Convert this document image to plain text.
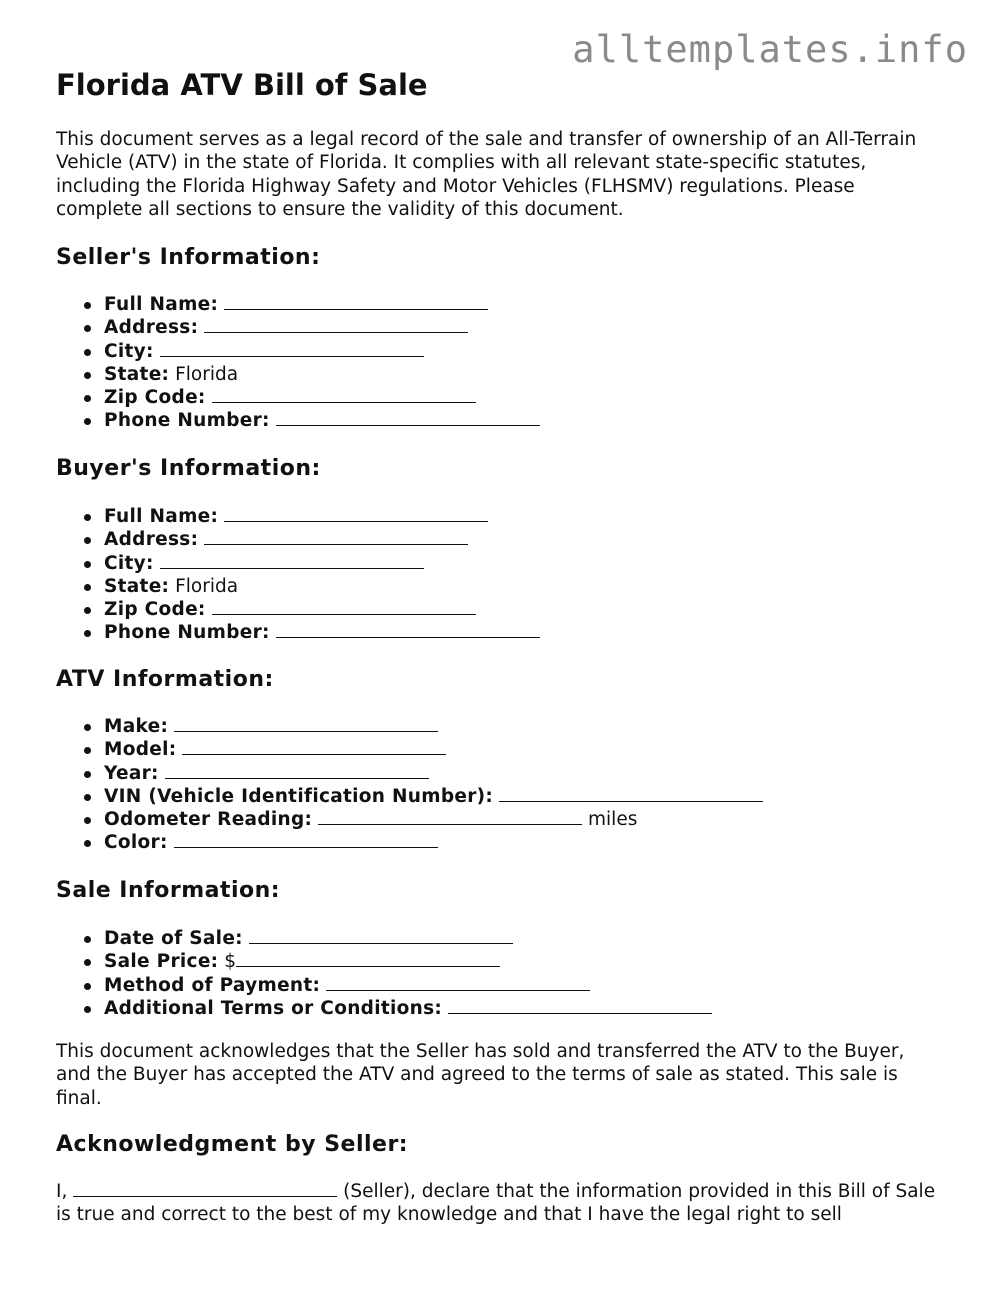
alltemplates.info
Florida ATV Bill of Sale

This document serves as a legal record of the sale and transfer of ownership of an All-Terrain Vehicle (ATV) in the state of Florida. It complies with all relevant state-specific statutes, including the Florida Highway Safety and Motor Vehicles (FLHSMV) regulations. Please complete all sections to ensure the validity of this document.

Seller's Information:
Full Name:
Address:
City:
State: Florida
Zip Code:
Phone Number:
Buyer's Information:
Full Name:
Address:
City:
State: Florida
Zip Code:
Phone Number:
ATV Information:
Make:
Model:
Year:
VIN (Vehicle Identification Number):
Odometer Reading:	miles
Color:
Sale Information:
Date of Sale:
Sale Price: $
Method of Payment:
Additional Terms or Conditions:

This document acknowledges that the Seller has sold and transferred the ATV to the Buyer, and the Buyer has accepted the ATV and agreed to the terms of sale as stated. This sale is final.

Acknowledgment by Seller:

I,	(Seller), declare that the information provided in this Bill of Sale is true and correct to the best of my knowledge and that I have the legal right to sell
